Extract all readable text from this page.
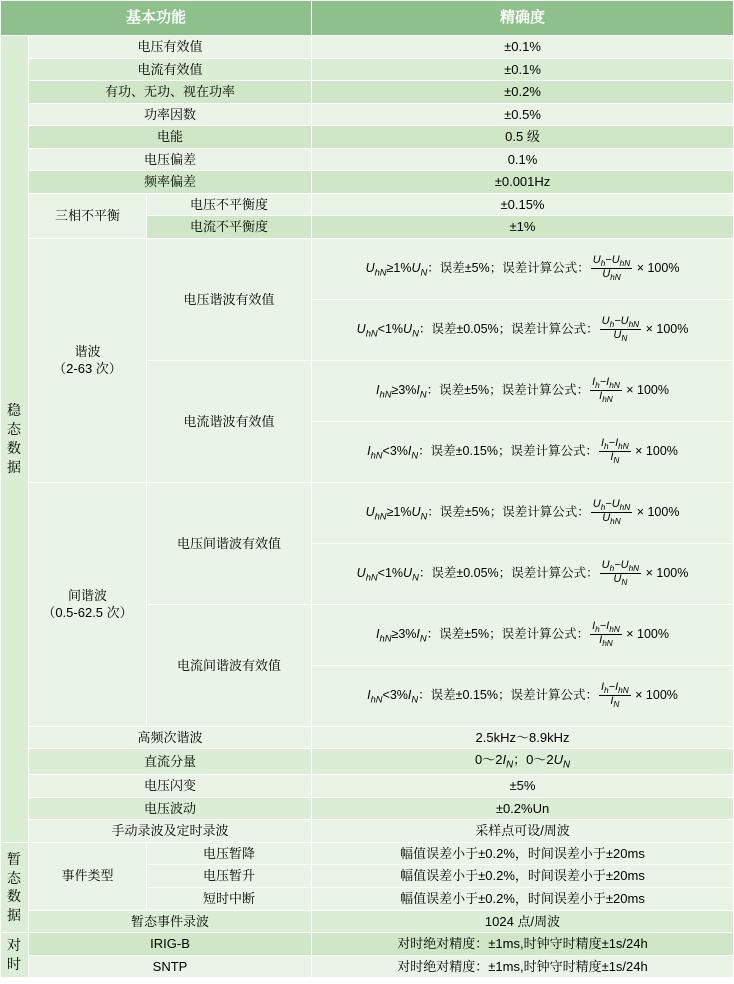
基本功能			精确度
稳
态
数
据	电压有效值		±0.1%
	电流有效值		±0.1%
	有功、无功、视在功率		±0.2%
	功率因数		±0.5%
	电能		0.5 级
	电压偏差		0.1%
	频率偏差		±0.001Hz
	三相不平衡	电压不平衡度	±0.15%
		电流不平衡度	±1%

谐波
（2-63 次）
	电压谐波有效值	$U_{hN}\ge 1\%U_N$：误差±5%；误差计算公式： $\frac{U_h-U_{hN}}{U_{hN}} \times 100\%$
			$U_{hN}<1\%U_N$：误差±0.05%；误差计算公式： $\frac{U_h-U_{hN}}{U_N} \times 100\%$
		电流谐波有效值	$I_{hN}\ge 3\%I_N$：误差±5%；误差计算公式： $\frac{I_h-I_{hN}}{I_{hN}} \times 100\%$
			$I_{hN}<3\%I_N$：误差±0.15%；误差计算公式： $\frac{I_h-I_{hN}}{I_N} \times 100\%$

间谐波
（0.5-62.5 次）
	电压间谐波有效值	$U_{hN}\ge 1\%U_N$：误差±5%；误差计算公式： $\frac{U_h-U_{hN}}{U_{hN}} \times 100\%$
			$U_{hN}<1\%U_N$：误差±0.05%；误差计算公式： $\frac{U_h-U_{hN}}{U_N} \times 100\%$
		电流间谐波有效值	$I_{hN}\ge 3\%I_N$：误差±5%；误差计算公式： $\frac{I_h-I_{hN}}{I_{hN}} \times 100\%$
			$I_{hN}<3\%I_N$：误差±0.15%；误差计算公式： $\frac{I_h-I_{hN}}{I_N} \times 100\%$
	高频次谐波		2.5kHz～8.9kHz
	直流分量		$0\sim 2I_N$；$0\sim 2U_N$
	电压闪变		±5%
	电压波动		±0.2%Un
	手动录波及定时录波		采样点可设/周波
暂
态
数
据	事件类型	电压暂降	幅值误差小于±0.2%，时间误差小于±20ms
		电压暂升	幅值误差小于±0.2%，时间误差小于±20ms
		短时中断	幅值误差小于±0.2%，时间误差小于±20ms
	暂态事件录波		1024 点/周波
对
时	IRIG-B		对时绝对精度：±1ms,时钟守时精度±1s/24h
	SNTP		对时绝对精度：±1ms,时钟守时精度±1s/24h
